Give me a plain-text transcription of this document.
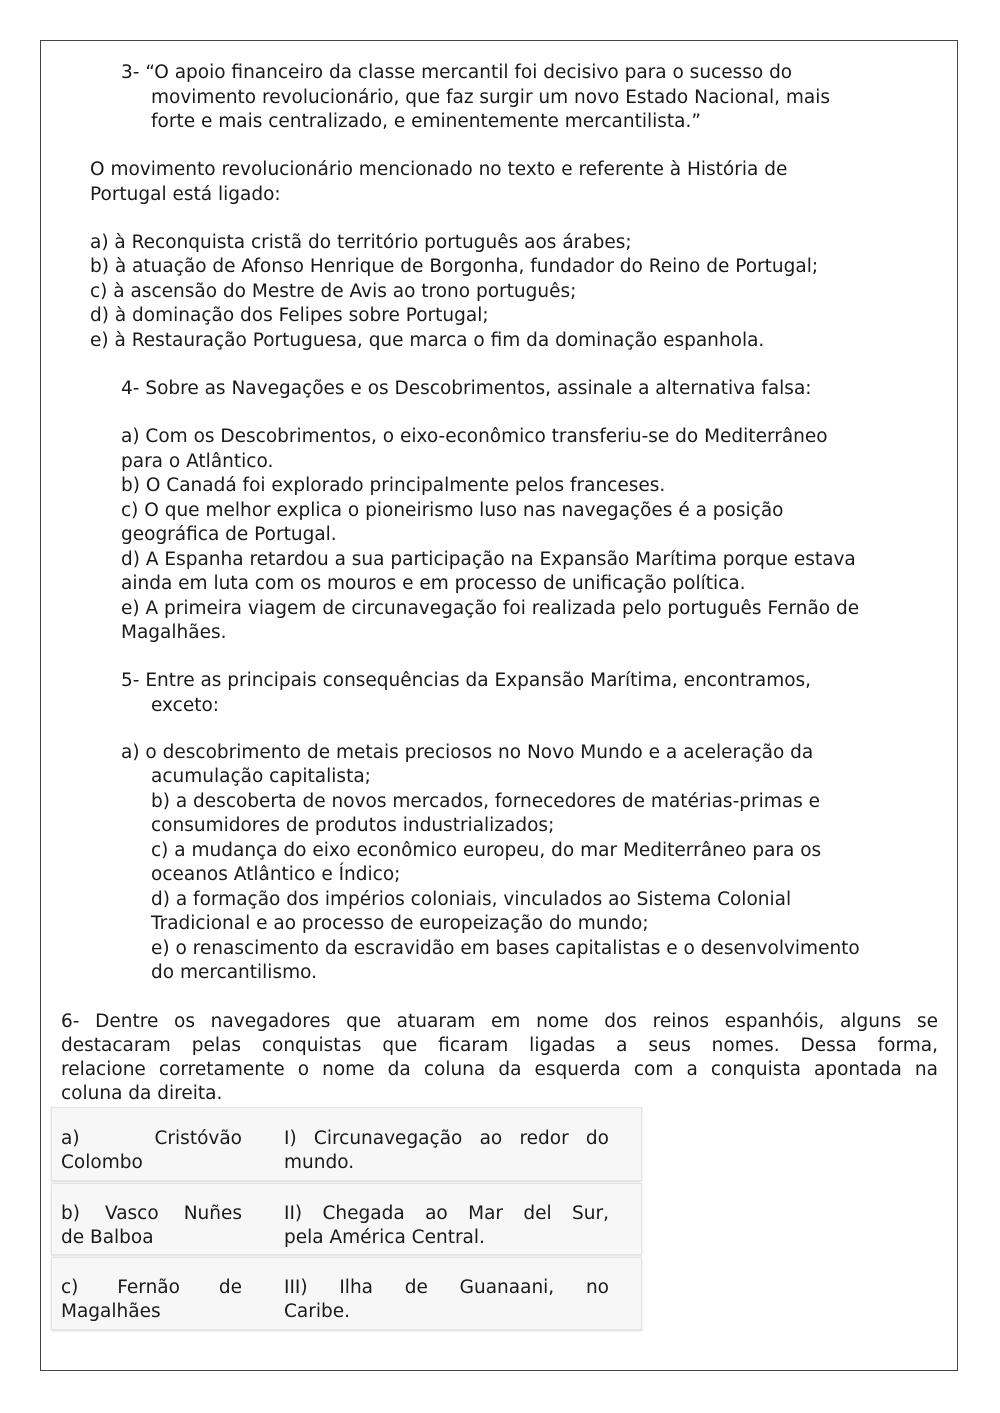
3- “O apoio financeiro da classe mercantil foi decisivo para o sucesso do

movimento revolucionário, que faz surgir um novo Estado Nacional, mais

forte e mais centralizado, e eminentemente mercantilista.”

O movimento revolucionário mencionado no texto e referente à História de

Portugal está ligado:

a) à Reconquista cristã do território português aos árabes;

b) à atuação de Afonso Henrique de Borgonha, fundador do Reino de Portugal;

c) à ascensão do Mestre de Avis ao trono português;

d) à dominação dos Felipes sobre Portugal;

e) à Restauração Portuguesa, que marca o fim da dominação espanhola.

4- Sobre as Navegações e os Descobrimentos, assinale a alternativa falsa:

a) Com os Descobrimentos, o eixo-econômico transferiu-se do Mediterrâneo

para o Atlântico.

b) O Canadá foi explorado principalmente pelos franceses.

c) O que melhor explica o pioneirismo luso nas navegações é a posição

geográfica de Portugal.

d) A Espanha retardou a sua participação na Expansão Marítima porque estava

ainda em luta com os mouros e em processo de unificação política.

e) A primeira viagem de circunavegação foi realizada pelo português Fernão de

Magalhães.

5- Entre as principais consequências da Expansão Marítima, encontramos,

exceto:

a) o descobrimento de metais preciosos no Novo Mundo e a aceleração da

acumulação capitalista;

b) a descoberta de novos mercados, fornecedores de matérias-primas e

consumidores de produtos industrializados;

c) a mudança do eixo econômico europeu, do mar Mediterrâneo para os

oceanos Atlântico e Índico;

d) a formação dos impérios coloniais, vinculados ao Sistema Colonial

Tradicional e ao processo de europeização do mundo;

e) o renascimento da escravidão em bases capitalistas e o desenvolvimento

do mercantilismo.

6- Dentre os navegadores que atuaram em nome dos reinos espanhóis, alguns se

destacaram pelas conquistas que ficaram ligadas a seus nomes. Dessa forma,

relacione corretamente o nome da coluna da esquerda com a conquista apontada na

coluna da direita.

a) Cristóvão
Colombo
I) Circunavegação ao redor do
mundo.
b) Vasco Nuñes
de Balboa
II) Chegada ao Mar del Sur,
pela América Central.
c) Fernão de
Magalhães
III) Ilha de Guanaani, no
Caribe.
